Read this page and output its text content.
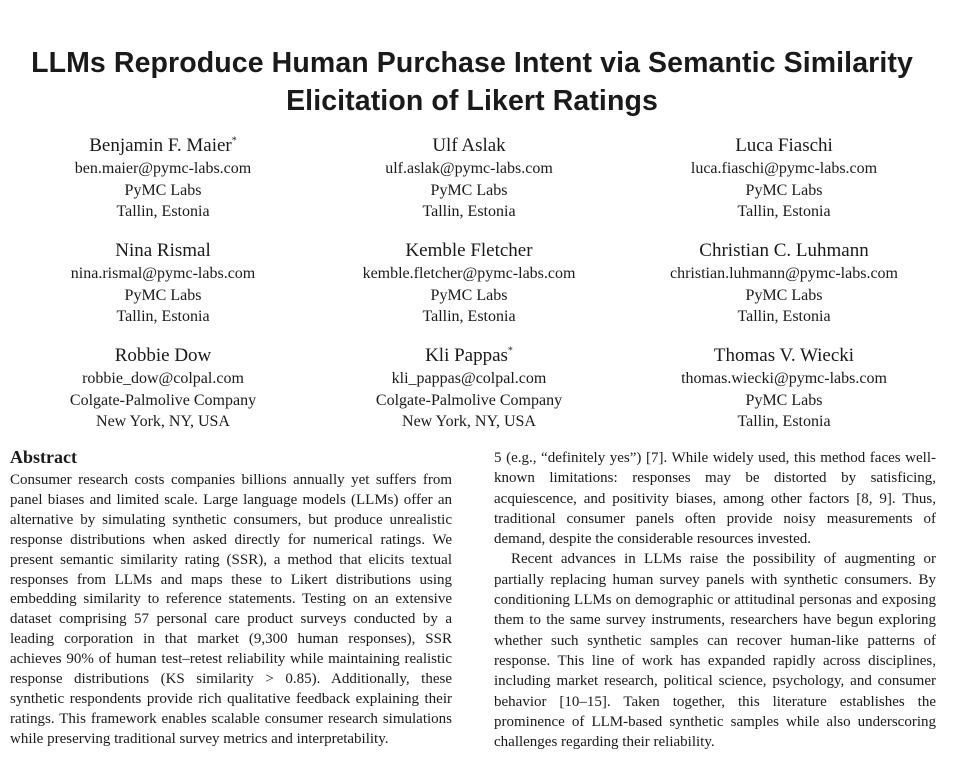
LLMs Reproduce Human Purchase Intent via Semantic Similarity
Elicitation of Likert Ratings
Benjamin F. Maier*
ben.maier@pymc-labs.com
PyMC Labs
Tallin, Estonia
Ulf Aslak
ulf.aslak@pymc-labs.com
PyMC Labs
Tallin, Estonia
Luca Fiaschi
luca.fiaschi@pymc-labs.com
PyMC Labs
Tallin, Estonia
Nina Rismal
nina.rismal@pymc-labs.com
PyMC Labs
Tallin, Estonia
Kemble Fletcher
kemble.fletcher@pymc-labs.com
PyMC Labs
Tallin, Estonia
Christian C. Luhmann
christian.luhmann@pymc-labs.com
PyMC Labs
Tallin, Estonia
Robbie Dow
robbie_dow@colpal.com
Colgate-Palmolive Company
New York, NY, USA
Kli Pappas*
kli_pappas@colpal.com
Colgate-Palmolive Company
New York, NY, USA
Thomas V. Wiecki
thomas.wiecki@pymc-labs.com
PyMC Labs
Tallin, Estonia
Abstract

Consumer research costs companies billions annually yet suffers from panel biases and limited scale. Large language models (LLMs) offer an alternative by simulating synthetic consumers, but produce unrealistic response distributions when asked directly for numerical ratings. We present semantic similarity rating (SSR), a method that elicits textual responses from LLMs and maps these to Likert distributions using embedding similarity to reference statements. Testing on an extensive dataset comprising 57 personal care product surveys conducted by a leading corporation in that market (9,300 human responses), SSR achieves 90% of human test–retest reliability while maintaining realistic response distributions (KS similarity > 0.85). Additionally, these synthetic respondents provide rich qualitative feedback explaining their ratings. This framework enables scalable consumer research simulations while preserving traditional survey metrics and interpretability.

5 (e.g., “definitely yes”) [7]. While widely used, this method faces well-known limitations: responses may be distorted by satisficing, acquiescence, and positivity biases, among other factors [8, 9]. Thus, traditional consumer panels often provide noisy measurements of demand, despite the considerable resources invested.

Recent advances in LLMs raise the possibility of augmenting or partially replacing human survey panels with synthetic consumers. By conditioning LLMs on demographic or attitudinal personas and exposing them to the same survey instruments, researchers have begun exploring whether such synthetic samples can recover human-like patterns of response. This line of work has expanded rapidly across disciplines, including market research, political science, psychology, and consumer behavior [10–15]. Taken together, this literature establishes the prominence of LLM-based synthetic samples while also underscoring challenges regarding their reliability.
